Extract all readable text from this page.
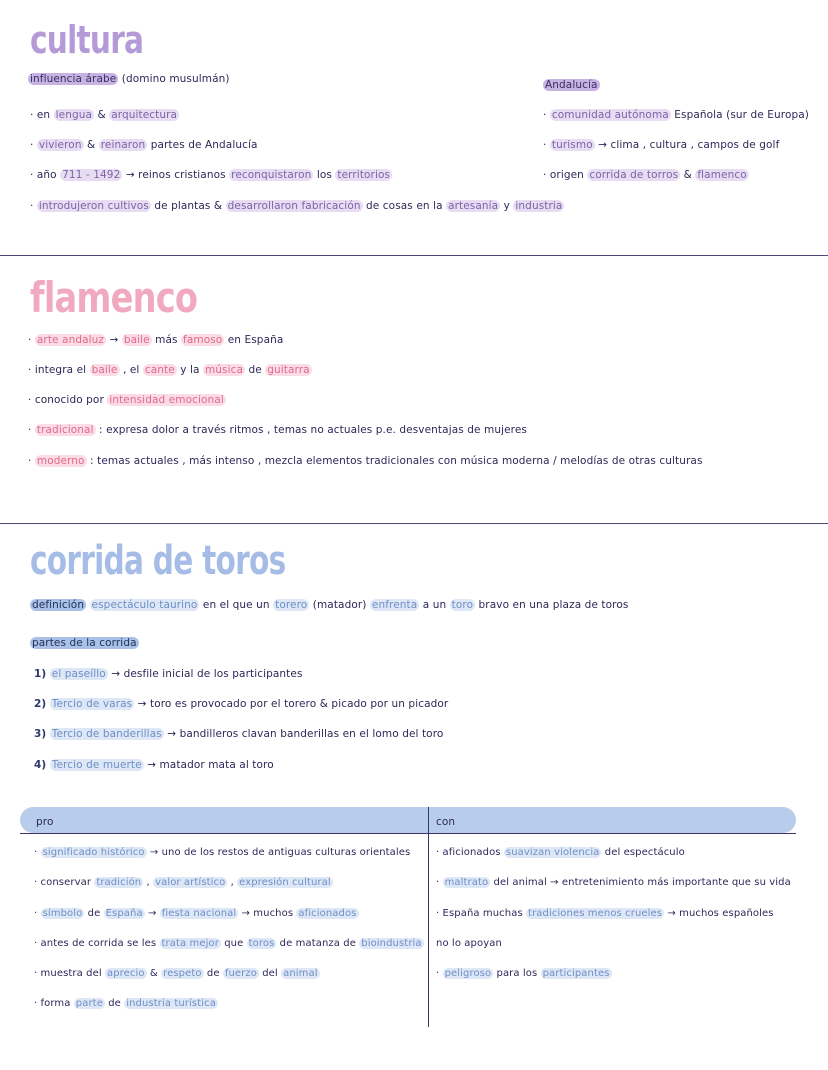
cultura
influencia árabe (domino musulmán)
· en lengua & arquitectura
· vivieron & reinaron partes de Andalucía
· año 711 - 1492 → reinos cristianos reconquistaron los territorios
· introdujeron cultivos de plantas & desarrollaron fabricación de cosas en la artesanía y industria
Andalucía
· comunidad autónoma Española (sur de Europa)
· turismo → clima , cultura , campos de golf
· origen corrida de torros & flamenco
flamenco
· arte andaluz → baile más famoso en España
· integra el baile , el cante y la música de guitarra
· conocido por intensidad emocional
· tradicional : expresa dolor a través ritmos , temas no actuales p.e. desventajas de mujeres
· moderno : temas actuales , más intenso , mezcla elementos tradicionales con música moderna / melodías de otras culturas
corrida de toros
definición espectáculo taurino en el que un torero (matador) enfrenta a un toro bravo en una plaza de toros
partes de la corrida
1) el paseíllo → desfile inicial de los participantes
2) Tercio de varas → toro es provocado por el torero & picado por un picador
3) Tercio de banderillas → bandilleros clavan banderillas en el lomo del toro
4) Tercio de muerte → matador mata al toro
pro	con
· significado histórico → uno de los restos de antiguas culturas orientales
· conservar tradición , valor artístico , expresión cultural
· símbolo de España → fiesta nacional → muchos aficionados
· antes de corrida se les trata mejor que toros de matanza de bioindustria
· muestra del aprecio & respeto de fuerzo del animal
· forma parte de industria turística
· aficionados suavizan violencia del espectáculo
· maltrato del animal → entretenimiento más importante que su vida
· España muchas tradiciones menos crueles → muchos españoles
no lo apoyan
· peligroso para los participantes
